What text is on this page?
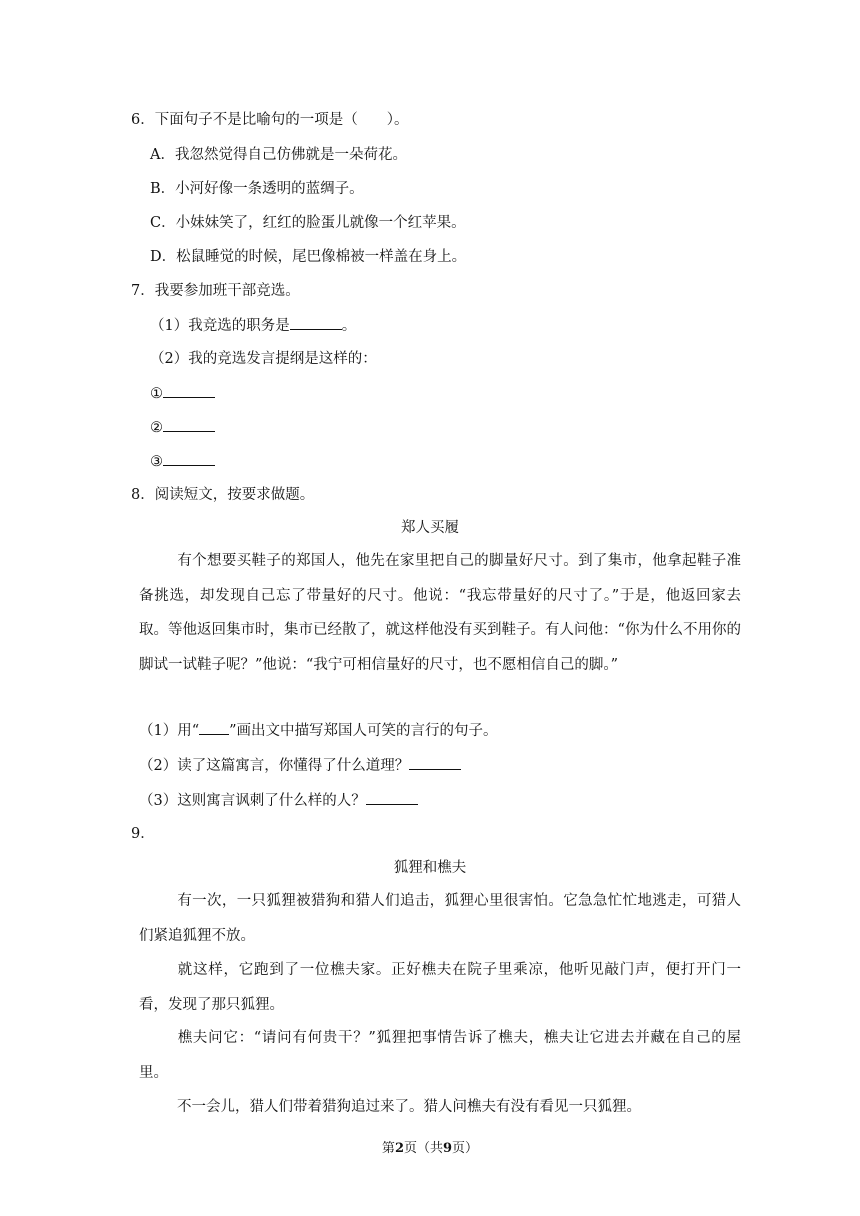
6．下面句子不是比喻句的一项是（　　）。
A．我忽然觉得自己仿佛就是一朵荷花。
B．小河好像一条透明的蓝绸子。
C．小妹妹笑了，红红的脸蛋儿就像一个红苹果。
D．松鼠睡觉的时候，尾巴像棉被一样盖在身上。
7．我要参加班干部竞选。
（1）我竞选的职务是	。
（2）我的竞选发言提纲是这样的：
①
②
③
8．阅读短文，按要求做题。
郑人买履
有个想要买鞋子的郑国人，他先在家里把自己的脚量好尺寸。到了集市，他拿起鞋子准备挑选，却发现自己忘了带量好的尺寸。他说：“我忘带量好的尺寸了。”于是，他返回家去取。等他返回集市时，集市已经散了，就这样他没有买到鞋子。有人问他：“你为什么不用你的脚试一试鞋子呢？”他说：“我宁可相信量好的尺寸，也不愿相信自己的脚。”
（1）用“ ”画出文中描写郑国人可笑的言行的句子。
（2）读了这篇寓言，你懂得了什么道理？
（3）这则寓言讽刺了什么样的人？
9．
狐狸和樵夫
有一次，一只狐狸被猎狗和猎人们追击，狐狸心里很害怕。它急急忙忙地逃走，可猎人们紧追狐狸不放。
就这样，它跑到了一位樵夫家。正好樵夫在院子里乘凉，他听见敲门声，便打开门一看，发现了那只狐狸。
樵夫问它：“请问有何贵干？”狐狸把事情告诉了樵夫，樵夫让它进去并藏在自己的屋里。
不一会儿，猎人们带着猎狗追过来了。猎人问樵夫有没有看见一只狐狸。
第2页（共9页）
